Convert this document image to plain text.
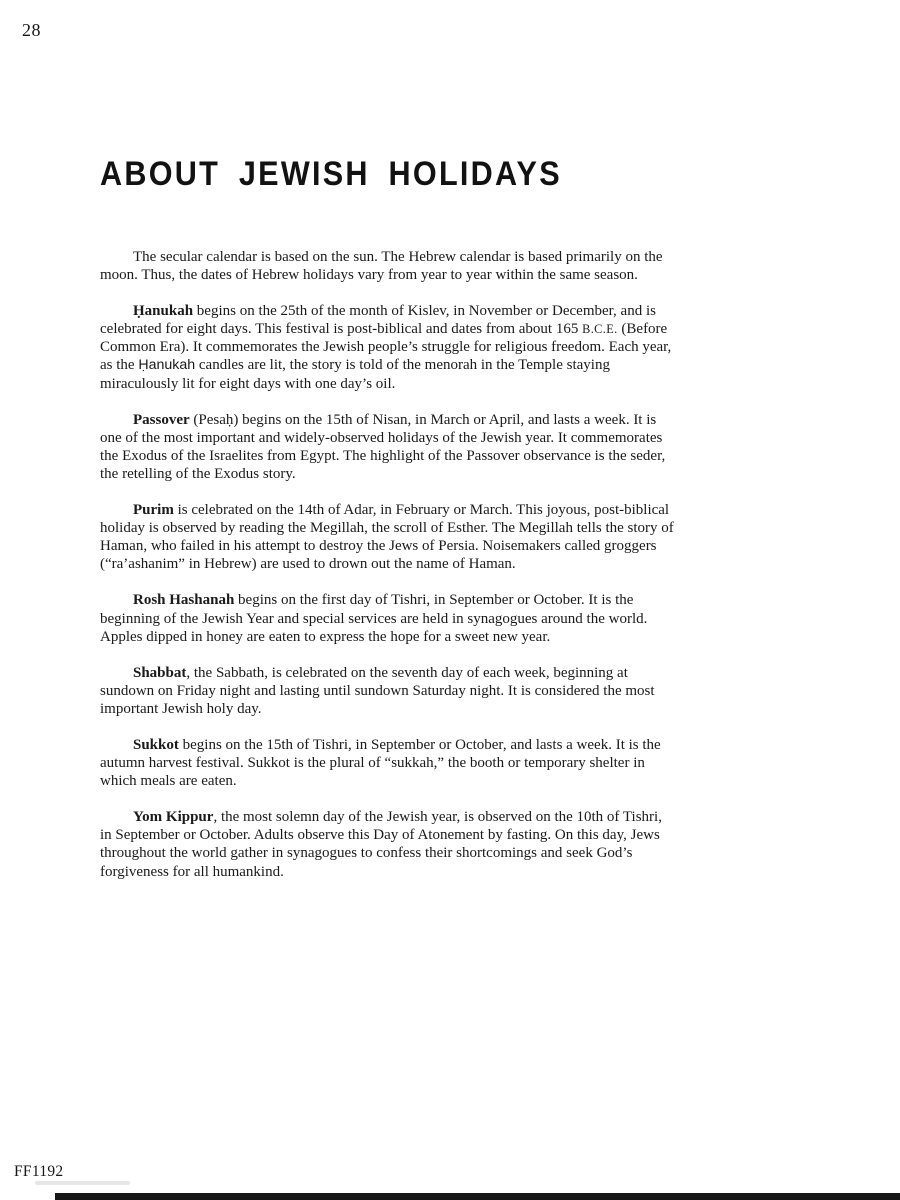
28
ABOUT JEWISH HOLIDAYS

The secular calendar is based on the sun. The Hebrew calendar is based primarily on the moon. Thus, the dates of Hebrew holidays vary from year to year within the same season.

Ḥanukah begins on the 25th of the month of Kislev, in November or December, and is celebrated for eight days. This festival is post-biblical and dates from about 165 B.C.E. (Before Common Era). It commemorates the Jewish people’s struggle for religious freedom. Each year, as the Ḥanukah candles are lit, the story is told of the menorah in the Temple staying miraculously lit for eight days with one day’s oil.

Passover (Pesaḥ) begins on the 15th of Nisan, in March or April, and lasts a week. It is one of the most important and widely-observed holidays of the Jewish year. It commemorates the Exodus of the Israelites from Egypt. The highlight of the Passover observance is the seder, the retelling of the Exodus story.

Purim is celebrated on the 14th of Adar, in February or March. This joyous, post-biblical holiday is observed by reading the Megillah, the scroll of Esther. The Megillah tells the story of Haman, who failed in his attempt to destroy the Jews of Persia. Noisemakers called groggers (“ra’ashanim” in Hebrew) are used to drown out the name of Haman.

Rosh Hashanah begins on the first day of Tishri, in September or October. It is the beginning of the Jewish Year and special services are held in synagogues around the world. Apples dipped in honey are eaten to express the hope for a sweet new year.

Shabbat, the Sabbath, is celebrated on the seventh day of each week, beginning at sundown on Friday night and lasting until sundown Saturday night. It is considered the most important Jewish holy day.

Sukkot begins on the 15th of Tishri, in September or October, and lasts a week. It is the autumn harvest festival. Sukkot is the plural of “sukkah,” the booth or temporary shelter in which meals are eaten.

Yom Kippur, the most solemn day of the Jewish year, is observed on the 10th of Tishri, in September or October. Adults observe this Day of Atonement by fasting. On this day, Jews throughout the world gather in synagogues to confess their shortcomings and seek God’s forgiveness for all humankind.

FF1192
